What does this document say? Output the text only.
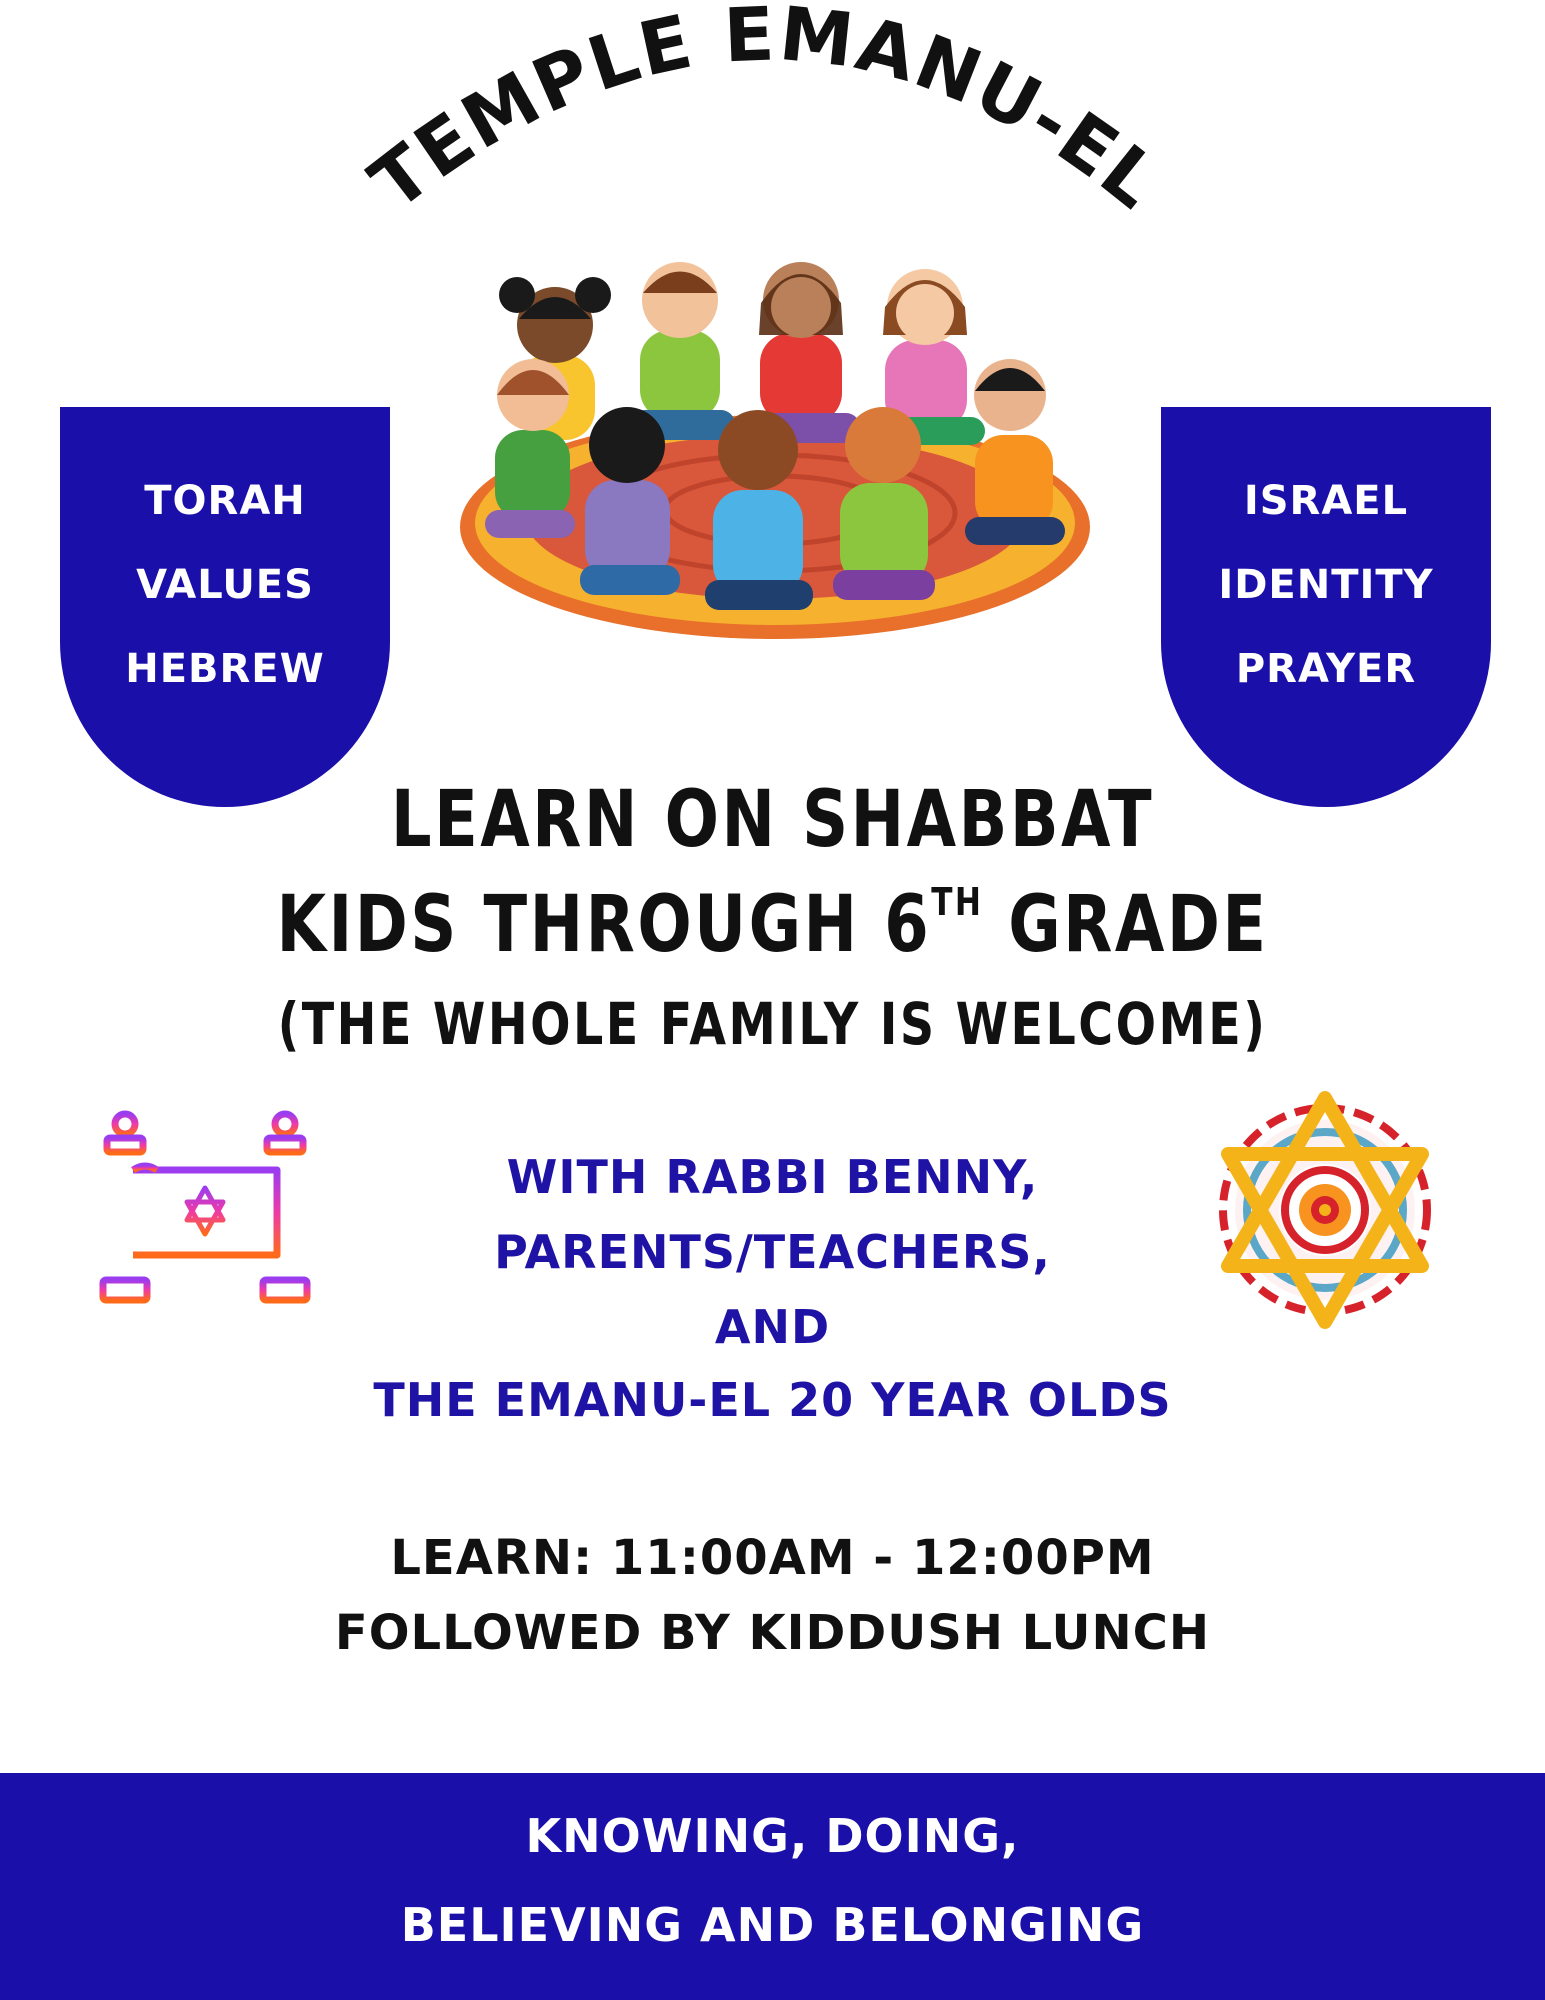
TEMPLE EMANU-EL
TORAH
VALUES
HEBREW
ISRAEL
IDENTITY
PRAYER
LEARN ON SHABBAT
KIDS THROUGH 6TH GRADE
(THE WHOLE FAMILY IS WELCOME)
WITH RABBI BENNY,
PARENTS/TEACHERS,
AND
THE EMANU-EL 20 YEAR OLDS
LEARN: 11:00AM - 12:00PM
FOLLOWED BY KIDDUSH LUNCH
KNOWING, DOING,
BELIEVING AND BELONGING
